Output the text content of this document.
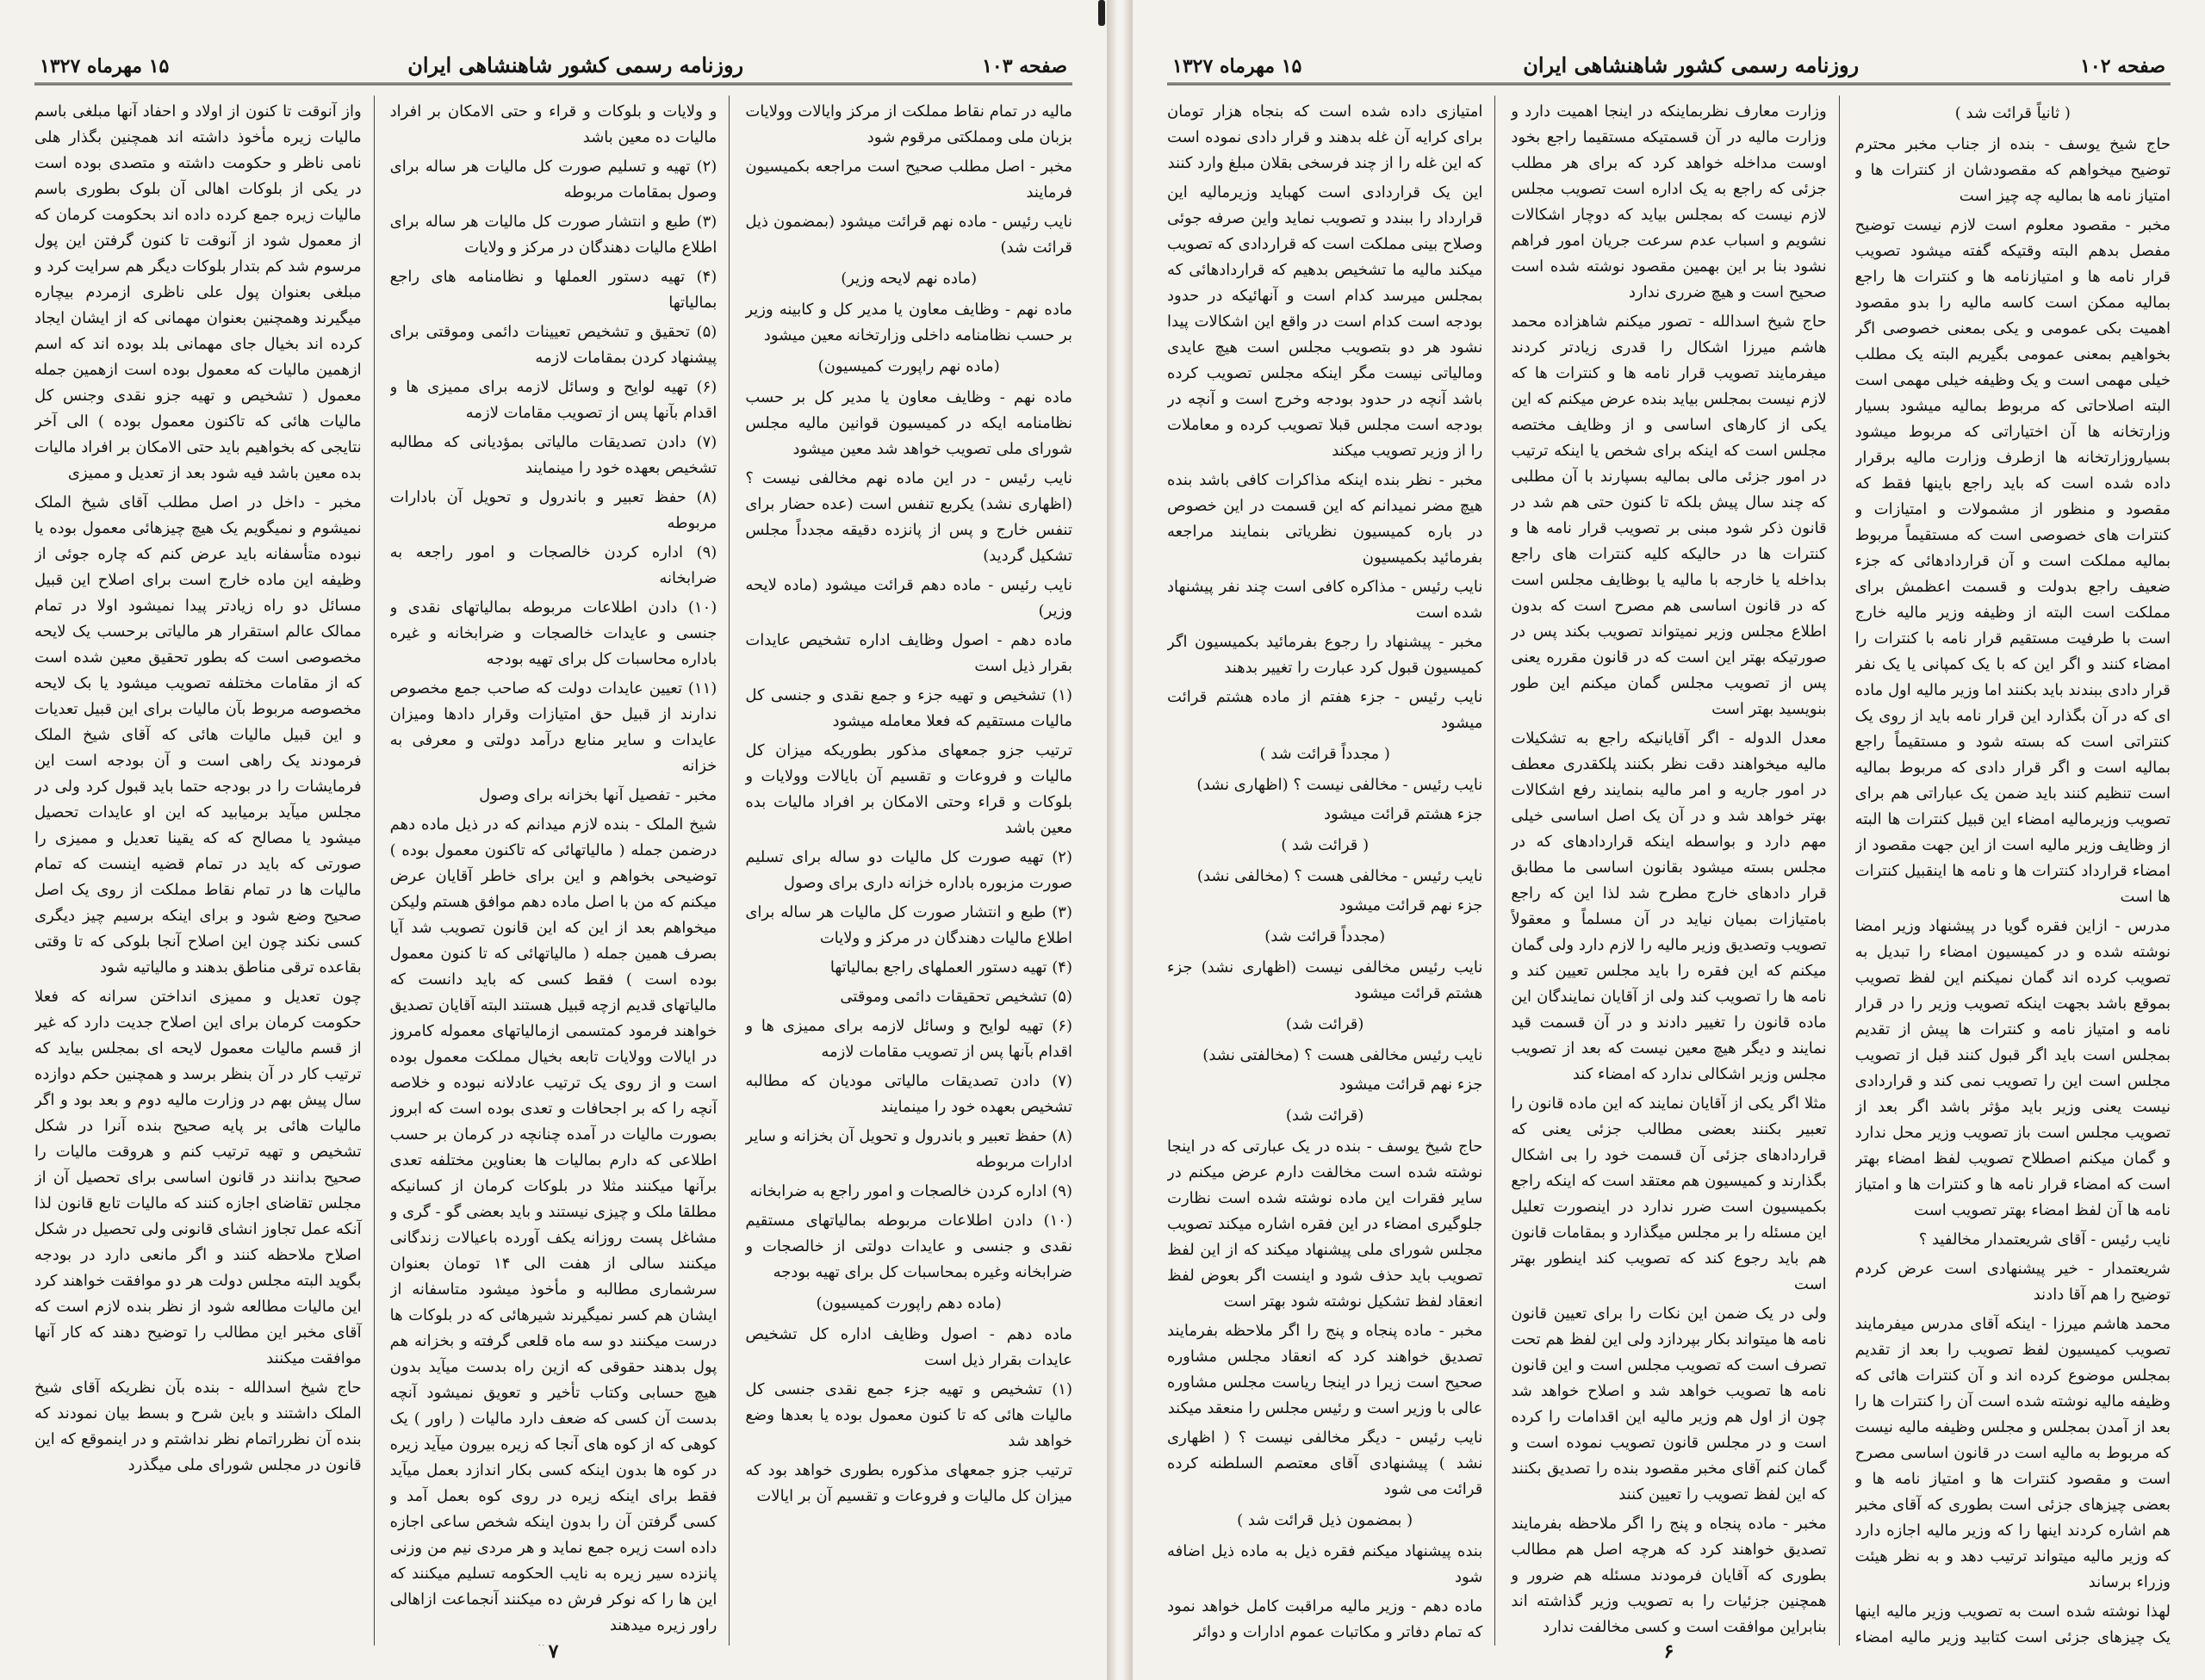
صفحه ۱۰۳
روزنامه رسمی کشور شاهنشاهی ایران
۱۵ مهرماه ۱۳۲۷
مالیه در تمام نقاط مملکت از مرکز وایالات وولایات بزبان ملی ومملکتی مرقوم شود
مخبر - اصل مطلب صحیح است مراجعه بکمیسیون فرمایند
نایب رئیس - ماده نهم قرائت میشود (بمضمون ذیل قرائت شد)
(ماده نهم لایحه وزیر)
ماده نهم - وظایف معاون یا مدیر کل و کابینه وزیر بر حسب نظامنامه داخلی وزارتخانه معین میشود
(ماده نهم راپورت کمیسیون)
ماده نهم - وظایف معاون یا مدیر کل بر حسب نظامنامه ایکه در کمیسیون قوانین مالیه مجلس شورای ملی تصویب خواهد شد معین میشود
نایب رئیس - در این ماده نهم مخالفی نیست ؟ (اظهاری نشد) یکربع تنفس است (عده حضار برای تنفس خارج و پس از پانزده دقیقه مجدداً مجلس تشکیل گردید)
نایب رئیس - ماده دهم قرائت میشود (ماده لایحه وزیر)
ماده دهم - اصول وظایف اداره تشخیص عایدات بقرار ذیل است
(۱) تشخیص و تهیه جزء و جمع نقدی و جنسی کل مالیات مستقیم که فعلا معامله میشود
ترتیب جزو جمعهای مذکور بطوریکه میزان کل مالیات و فروعات و تقسیم آن بایالات وولایات و بلوکات و قراء وحتی الامکان بر افراد مالیات بده معین باشد
(۲) تهیه صورت کل مالیات دو ساله برای تسلیم صورت مزبوره باداره خزانه داری برای وصول
(۳) طبع و انتشار صورت کل مالیات هر ساله برای اطلاع مالیات دهندگان در مرکز و ولایات
(۴) تهیه دستور العملهای راجع بمالیاتها
(۵) تشخیص تحقیقات دائمی وموقتی
(۶) تهیه لوایح و وسائل لازمه برای ممیزی ها و اقدام بآنها پس از تصویب مقامات لازمه
(۷) دادن تصدیقات مالیاتی مودیان که مطالبه تشخیص بعهده خود را مینمایند
(۸) حفظ تعبیر و باندرول و تحویل آن بخزانه و سایر ادارات مربوطه
(۹) اداره کردن خالصجات و امور راجع به ضرابخانه
(۱۰) دادن اطلاعات مربوطه بمالیاتهای مستقیم نقدی و جنسی و عایدات دولتی از خالصجات و ضرابخانه وغیره بمحاسبات کل برای تهیه بودجه
(ماده دهم راپورت کمیسیون)
ماده دهم - اصول وظایف اداره کل تشخیص عایدات بقرار ذیل است
(۱) تشخیص و تهیه جزء جمع نقدی جنسی کل مالیات هائی که تا کنون معمول بوده یا بعدها وضع خواهد شد
ترتیب جزو جمعهای مذکوره بطوری خواهد بود که میزان کل مالیات و فروعات و تقسیم آن بر ایالات
و ولایات و بلوکات و قراء و حتی الامکان بر افراد مالیات ده معین باشد
(۲) تهیه و تسلیم صورت کل مالیات هر ساله برای وصول بمقامات مربوطه
(۳) طبع و انتشار صورت کل مالیات هر ساله برای اطلاع مالیات دهندگان در مرکز و ولایات
(۴) تهیه دستور العملها و نظامنامه های راجع بمالیاتها
(۵) تحقیق و تشخیص تعیینات دائمی وموقتی برای پیشنهاد کردن بمقامات لازمه
(۶) تهیه لوایح و وسائل لازمه برای ممیزی ها و اقدام بآنها پس از تصویب مقامات لازمه
(۷) دادن تصدیقات مالیاتی بمؤدیانی که مطالبه تشخیص بعهده خود را مینمایند
(۸) حفظ تعبیر و باندرول و تحویل آن بادارات مربوطه
(۹) اداره کردن خالصجات و امور راجعه به ضرابخانه
(۱۰) دادن اطلاعات مربوطه بمالیاتهای نقدی و جنسی و عایدات خالصجات و ضرابخانه و غیره باداره محاسبات کل برای تهیه بودجه
(۱۱) تعیین عایدات دولت که صاحب جمع مخصوص ندارند از قبیل حق امتیازات وقرار دادها ومیزان عایدات و سایر منابع درآمد دولتی و معرفی به خزانه
مخبر - تفصیل آنها بخزانه برای وصول
شیخ الملک - بنده لازم میدانم که در ذیل ماده دهم درضمن جمله ( مالیاتهائی که تاکنون معمول بوده ) توضیحی بخواهم و این برای خاطر آقایان عرض میکنم که من با اصل ماده دهم موافق هستم ولیکن میخواهم بعد از این که این قانون تصویب شد آیا بصرف همین جمله ( مالیاتهائی که تا کنون معمول بوده است ) فقط کسی که باید دانست که مالیاتهای قدیم ازچه قبیل هستند البته آقایان تصدیق خواهند فرمود کمتسمی ازمالیاتهای معموله کامروز در ایالات وولایات تابعه بخیال مملکت معمول بوده است و از روی یک ترتیب عادلانه نبوده و خلاصه آنچه را که بر اجحافات و تعدی بوده است که ابروز بصورت مالیات در آمده چنانچه در کرمان بر حسب اطلاعی که دارم بمالیات ها بعناوین مختلفه تعدی برآنها میکنند مثلا در بلوکات کرمان از کسانیکه مطلقا ملک و چیزی نیستند و باید بعضی گو - گری و مشاغل پست روزانه یکف آورده باعیالات زندگانی میکنند سالی از هفت الی ۱۴ تومان بعنوان سرشماری مطالبه و مأخوذ میشود متاسفانه از ایشان هم کسر نمیگیرند شیرهائی که در بلوکات ها درست میکنند دو سه ماه قلعی گرفته و بخزانه هم پول بدهند حقوقی که ازین راه بدست میآید بدون هیچ حسابی وکتاب تأخیر و تعویق نمیشود آنچه بدست آن کسی که ضعف دارد مالیات ( راور ) یک کوهی که از کوه های آنجا که زیره بیرون میآید زیره در کوه ها بدون اینکه کسی بکار اندازد بعمل میآید فقط برای اینکه زیره در روی کوه بعمل آمد و کسی گرفتن آن را بدون اینکه شخص ساعی اجازه داده است زیره جمع نماید و هر مردی نیم من وزنی پانزده سیر زیره به نایب الحکومه تسلیم میکنند که این ها را که نوکر فرش ده میکنند آنجماعت ازاهالی راور زیره میدهند
واز آنوقت تا کنون از اولاد و احفاد آنها مبلغی باسم مالیات زیره مأخوذ داشته اند همچنین بگذار هلی نامی ناظر و حکومت داشته و متصدی بوده است در یکی از بلوکات اهالی آن بلوک بطوری باسم مالیات زیره جمع کرده داده اند بحکومت کرمان که از معمول شود از آنوقت تا کنون گرفتن این پول مرسوم شد کم بتدار بلوکات دیگر هم سرایت کرد و مبلغی بعنوان پول علی ناظری ازمردم بیچاره میگیرند وهمچنین بعنوان مهمانی که از ایشان ایجاد کرده اند بخیال جای مهمانی بلد بوده اند که اسم ازهمین مالیات که معمول بوده است ازهمین جمله معمول ( تشخیص و تهیه جزو نقدی وجنس کل مالیات هائی که تاکنون معمول بوده ) الی آخر نتایجی که بخواهیم باید حتی الامکان بر افراد مالیات بده معین باشد فیه شود بعد از تعدیل و ممیزی
مخبر - داخل در اصل مطلب آقای شیخ الملک نمیشوم و نمیگویم یک هیچ چیزهائی معمول بوده یا نبوده متأسفانه باید عرض کنم که چاره جوئی از وظیفه این ماده خارج است برای اصلاح این قبیل مسائل دو راه زیادتر پیدا نمیشود اولا در تمام ممالک عالم استقرار هر مالیاتی برحسب یک لایحه مخصوصی است که بطور تحقیق معین شده است که از مقامات مختلفه تصویب میشود یا بک لایحه مخصوصه مربوط بآن مالیات برای این قبیل تعدیات و این قبیل مالیات هائی که آقای شیخ الملک فرمودند یک راهی است و آن بودجه است این فرمایشات را در بودجه حتما باید قبول کرد ولی در مجلس میآید برمیابید که این او عایدات تحصیل میشود یا مصالح که که یقینا تعدیل و ممیزی را صورتی که باید در تمام قضیه اینست که تمام مالیات ها در تمام نقاط مملکت از روی یک اصل صحیح وضع شود و برای اینکه برسیم چیز دیگری کسی نکند چون این اصلاح آنجا بلوکی که تا وقتی بقاعده ترقی مناطق بدهند و مالیاتیه شود
چون تعدیل و ممیزی انداختن سرانه که فعلا حکومت کرمان برای این اصلاح جدیت دارد که غیر از قسم مالیات معمول لایحه ای بمجلس بیاید که ترتیب کار در آن بنظر برسد و همچنین حکم دوازده سال پیش بهم در وزارت مالیه دوم و بعد بود و اگر مالیات هائی بر پایه صحیح بنده آنرا در شکل تشخیص و تهیه ترتیب کنم و هروقت مالیات را صحیح بدانند در قانون اساسی برای تحصیل آن از مجلس تقاضای اجازه کنند که مالیات تابع قانون لذا آنکه عمل تجاوز انشای قانونی ولی تحصیل در شکل اصلاح ملاحظه کنند و اگر مانعی دارد در بودجه بگوید البته مجلس دولت هر دو موافقت خواهند کرد این مالیات مطالعه شود از نظر بنده لازم است که آقای مخبر این مطالب را توضیح دهند که کار آنها موافقت میکنند
حاج شیخ اسدالله - بنده بآن نظریکه آقای شیخ الملک داشتند و باین شرح و بسط بیان نمودند که بنده آن نظرراتمام نظر نداشتم و در اینموقع که این قانون در مجلس شورای ملی میگذرد
۷
صفحه ۱۰۲
روزنامه رسمی کشور شاهنشاهی ایران
۱۵ مهرماه ۱۳۲۷
( ثانیاً قرائت شد )
حاج شیخ یوسف - بنده از جناب مخبر محترم توضیح میخواهم که مقصودشان از کنترات ها و امتیاز نامه ها بمالیه چه چیز است
مخبر - مقصود معلوم است لازم نیست توضیح مفصل بدهم البته وقتیکه گفته میشود تصویب قرار نامه ها و امتیازنامه ها و کنترات ها راجع بمالیه ممکن است کاسه مالیه را بدو مقصود اهمیت بکی عمومی و یکی بمعنی خصوصی اگر بخواهیم بمعنی عمومی بگیریم البته یک مطلب خیلی مهمی است و یک وظیفه خیلی مهمی است البته اصلاحاتی که مربوط بمالیه میشود بسیار وزارتخانه ها آن اختیاراتی که مربوط میشود بسیاروزارتخانه ها ازطرف وزارت مالیه برقرار داده شده است که باید راجع باینها فقط که مقصود و منظور از مشمولات و امتیازات و کنترات های خصوصی است که مستقیماً مربوط بمالیه مملکت است و آن قراردادهائی که جزء ضعیف راجع بدولت و قسمت اعظمش برای مملکت است البته از وظیفه وزیر مالیه خارج است با طرفیت مستقیم قرار نامه با کنترات را امضاء کنند و اگر این که با یک کمپانی یا یک نفر قرار دادی ببندند باید بکنند اما وزیر مالیه اول ماده ای که در آن بگذارد این قرار نامه باید از روی یک کنتراتی است که بسته شود و مستقیماً راجع بمالیه است و اگر قرار دادی که مربوط بمالیه است تنظیم کنند باید ضمن یک عباراتی هم برای تصویب وزیرمالیه امضاء این قبیل کنترات ها البته از وظایف وزیر مالیه است از این جهت مقصود از امضاء قرارداد کنترات ها و نامه ها اینقبیل کنترات ها است
مدرس - ازاین فقره گویا در پیشنهاد وزیر امضا نوشته شده و در کمیسیون امضاء را تبدیل به تصویب کرده اند گمان نمیکنم این لفظ تصویب بموقع باشد بجهت اینکه تصویب وزیر را در قرار نامه و امتیاز نامه و کنترات ها پیش از تقدیم بمجلس است باید اگر قبول کنند قبل از تصویب مجلس است این را تصویب نمی کند و قراردادی نیست یعنی وزیر باید مؤثر باشد اگر بعد از تصویب مجلس است باز تصویب وزیر محل ندارد و گمان میکنم اصطلاح تصویب لفظ امضاء بهتر است که امضاء قرار نامه ها و کنترات ها و امتیاز نامه ها آن لفظ امضاء بهتر تصویب است
نایب رئیس - آقای شریعتمدار مخالفید ؟
شریعتمدار - خیر پیشنهادی است عرض کردم توضیح را هم آقا دادند
محمد هاشم میرزا - اینکه آقای مدرس میفرمایند تصویب کمیسیون لفظ تصویب را بعد از تقدیم بمجلس موضوع کرده اند و آن کنترات هائی که وظیفه مالیه نوشته شده است آن را کنترات ها را بعد از آمدن بمجلس و مجلس وظیفه مالیه نیست که مربوط به مالیه است در قانون اساسی مصرح است و مقصود کنترات ها و امتیاز نامه ها و بعضی چیزهای جزئی است بطوری که آقای مخبر هم اشاره کردند اینها را که وزیر مالیه اجازه دارد که وزیر مالیه میتواند ترتیب دهد و به نظر هیئت وزراء برساند
لهذا نوشته شده است به تصویب وزیر مالیه اینها یک چیزهای جزئی است کتابید وزیر مالیه امضاء
وزارت معارف نظربماینکه در اینجا اهمیت دارد و وزارت مالیه در آن قسمتیکه مستقیما راجع بخود اوست مداخله خواهد کرد که برای هر مطلب جزئی که راجع به یک اداره است تصویب مجلس لازم نیست که بمجلس بیاید که دوچار اشکالات نشویم و اسباب عدم سرعت جریان امور فراهم نشود بنا بر این بهمین مقصود نوشته شده است صحیح است و هیچ ضرری ندارد
حاج شیخ اسدالله - تصور میکنم شاهزاده محمد هاشم میرزا اشکال را قدری زیادتر کردند میفرمایند تصویب قرار نامه ها و کنترات ها که لازم نیست بمجلس بیاید بنده عرض میکنم که این یکی از کارهای اساسی و از وظایف مختصه مجلس است که اینکه برای شخص یا اینکه ترتیب در امور جزئی مالی بمالیه بسپارند با آن مطلبی که چند سال پیش بلکه تا کنون حتی هم شد در قانون ذکر شود مبنی بر تصویب قرار نامه ها و کنترات ها در حالیکه کلیه کنترات های راجع بداخله یا خارجه با مالیه یا بوظایف مجلس است که در قانون اساسی هم مصرح است که بدون اطلاع مجلس وزیر نمیتواند تصویب بکند پس در صورتیکه بهتر این است که در قانون مقرره یعنی پس از تصویب مجلس گمان میکنم این طور بنویسید بهتر است
معدل الدوله - اگر آقایانیکه راجع به تشکیلات مالیه میخواهند دقت نظر بکنند پلکقدری معطف در امور جاریه و امر مالیه بنمایند رفع اشکالات بهتر خواهد شد و در آن یک اصل اساسی خیلی مهم دارد و بواسطه اینکه قراردادهای که در مجلس بسته میشود بقانون اساسی ما مطابق قرار دادهای خارج مطرح شد لذا این که راجع بامتیازات بمیان نیاید در آن مسلماً و معقولاً تصویب وتصدیق وزیر مالیه را لازم دارد ولی گمان میکنم که این فقره را باید مجلس تعیین کند و نامه ها را تصویب کند ولی از آقایان نمایندگان این ماده قانون را تغییر دادند و در آن قسمت قید نمایند و دیگر هیچ معین نیست که بعد از تصویب مجلس وزیر اشکالی ندارد که امضاء کند
مثلا اگر یکی از آقایان نمایند که این ماده قانون را تعبیر بکنند بعضی مطالب جزئی یعنی که قراردادهای جزئی آن قسمت خود را بی اشکال بگذارند و کمیسیون هم معتقد است که اینکه راجع بکمیسیون است ضرر ندارد در اینصورت تعلیل این مسئله را بر مجلس میگذارد و بمقامات قانون هم باید رجوع کند که تصویب کند اینطور بهتر است
ولی در یک ضمن این نکات را برای تعیین قانون نامه ها میتواند بکار بپردازد ولی این لفظ هم تحت تصرف است که تصویب مجلس است و این قانون نامه ها تصویب خواهد شد و اصلاح خواهد شد چون از اول هم وزیر مالیه این اقدامات را کرده است و در مجلس قانون تصویب نموده است و گمان کنم آقای مخبر مقصود بنده را تصدیق بکنند که این لفظ تصویب را تعیین کنند
مخبر - ماده پنجاه و پنج را اگر ملاحظه بفرمایند تصدیق خواهند کرد که هرچه اصل هم مطالب بطوری که آقایان فرمودند مسئله هم ضرور و همچنین جزئیات را به تصویب وزیر گذاشته اند بنابراین موافقت است و کسی مخالفت ندارد
امتیازی داده شده است که بنجاه هزار تومان برای کرایه آن غله بدهند و قرار دادی نموده است که این غله را از چند فرسخی بقلان مبلغ وارد کنند
این یک قراردادی است کهباید وزیرمالیه این قرارداد را ببندد و تصویب نماید واین صرفه جوئی وصلاح بینی مملکت است که قراردادی که تصویب میکند مالیه ما تشخیص بدهیم که قراردادهائی که بمجلس میرسد کدام است و آنهائیکه در حدود بودجه است کدام است در واقع این اشکالات پیدا نشود هر دو بتصویب مجلس است هیچ عایدی ومالیاتی نیست مگر اینکه مجلس تصویب کرده باشد آنچه در حدود بودجه وخرج است و آنچه در بودجه است مجلس قبلا تصویب کرده و معاملات را از وزیر تصویب میکند
مخبر - نظر بنده اینکه مذاکرات کافی باشد بنده هیچ مضر نمیدانم که این قسمت در این خصوص در باره کمیسیون نظریاتی بنمایند مراجعه بفرمائید بکمیسیون
نایب رئیس - مذاکره کافی است چند نفر پیشنهاد شده است
مخبر - پیشنهاد را رجوع بفرمائید بکمیسیون اگر کمیسیون قبول کرد عبارت را تغییر بدهند
نایب رئیس - جزء هفتم از ماده هشتم قرائت میشود
( مجدداً قرائت شد )
نایب رئیس - مخالفی نیست ؟ (اظهاری نشد)
جزء هشتم قرائت میشود
( قرائت شد )
نایب رئیس - مخالفی هست ؟ (مخالفی نشد)
جزء نهم قرائت میشود
(مجدداً قرائت شد)
نایب رئیس مخالفی نیست (اظهاری نشد) جزء هشتم قرائت میشود
(قرائت شد)
نایب رئیس مخالفی هست ؟ (مخالفتی نشد)
جزء نهم قرائت میشود
(قرائت شد)
حاج شیخ یوسف - بنده در یک عبارتی که در اینجا نوشته شده است مخالفت دارم عرض میکنم در سایر فقرات این ماده نوشته شده است نظارت جلوگیری امضاء در این فقره اشاره میکند تصویب مجلس شورای ملی پیشنهاد میکند که از این لفظ تصویب باید حذف شود و اینست اگر بعوض لفظ انعقاد لفظ تشکیل نوشته شود بهتر است
مخبر - ماده پنجاه و پنج را اگر ملاحظه بفرمایند تصدیق خواهند کرد که انعقاد مجلس مشاوره صحیح است زیرا در اینجا ریاست مجلس مشاوره عالی با وزیر است و رئیس مجلس را منعقد میکند
نایب رئیس - دیگر مخالفی نیست ؟ ( اظهاری نشد ) پیشنهادی آقای معتصم السلطنه کرده قرائت می شود
( بمضمون ذیل قرائت شد )
بنده پیشنهاد میکنم فقره ذیل به ماده ذیل اضافه شود
ماده دهم - وزیر مالیه مراقبت کامل خواهد نمود که تمام دفاتر و مکاتبات عموم ادارات و دوائر
۶
